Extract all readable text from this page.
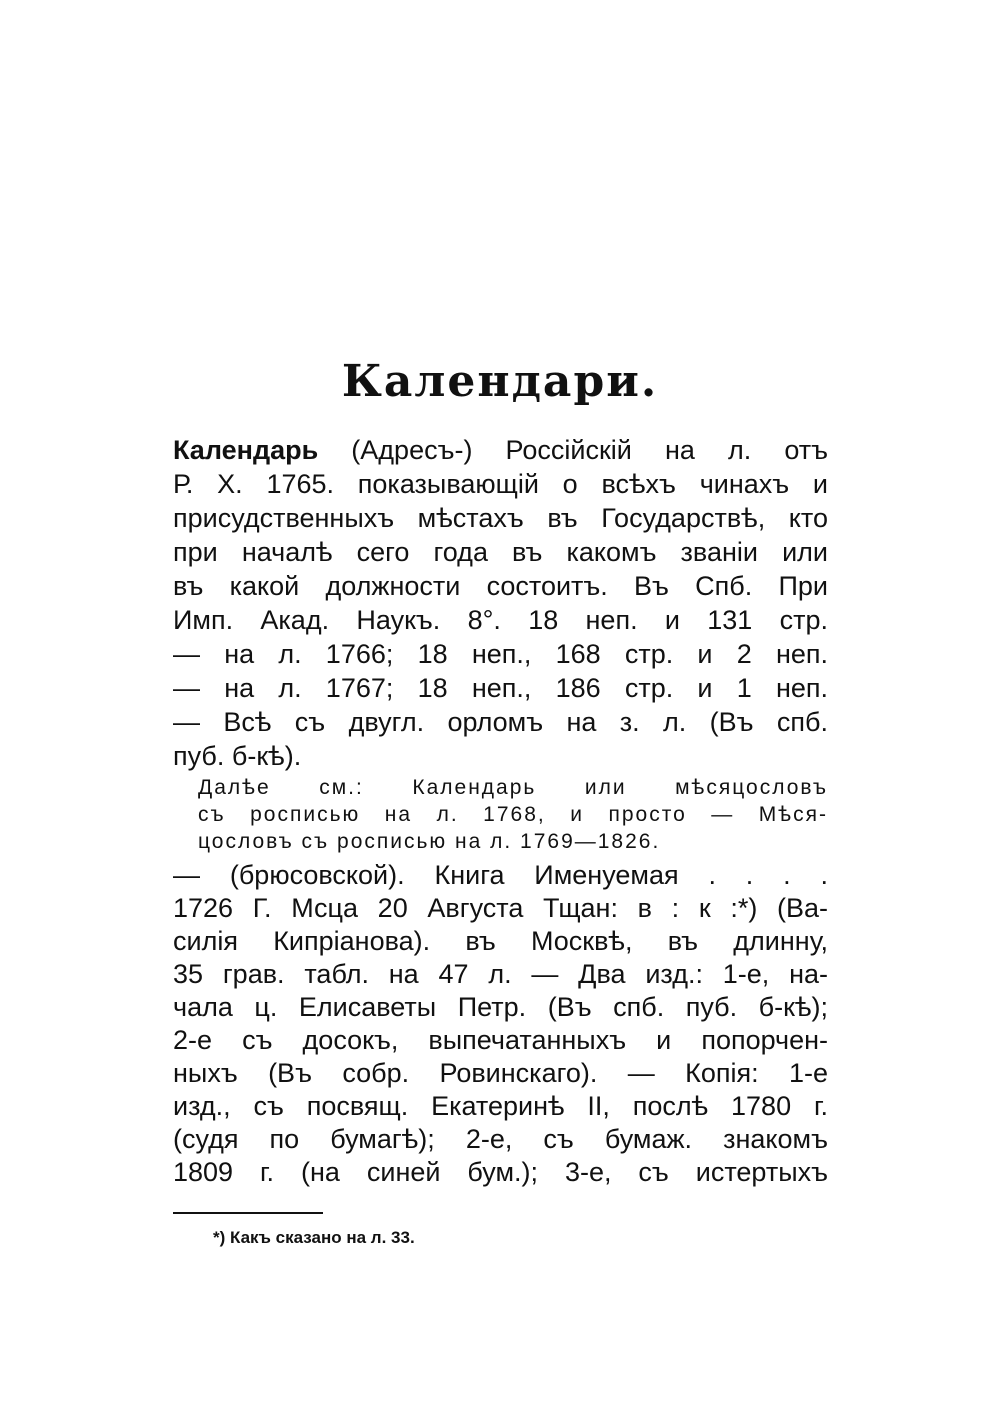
Календари.
Календарь (Адресъ-) Россійскій на л. отъ
Р. Х. 1765. показывающій о всѣхъ чинахъ и
присудственныхъ мѣстахъ въ Государствѣ, кто
при началѣ сего года въ какомъ званіи или
въ какой должности состоитъ. Въ Спб. При
Имп. Акад. Наукъ. 8°. 18 неп. и 131 стр.
— на л. 1766; 18 неп., 168 стр. и 2 неп.
— на л. 1767; 18 неп., 186 стр. и 1 неп.
— Всѣ съ двугл. орломъ на з. л. (Въ спб.
пуб. б-кѣ).
Далѣе см.: Календарь или мѣсяцословъ
съ росписью на л. 1768, и просто — Мѣся-
цословъ съ росписью на л. 1769—1826.
— (брюсовской). Книга Именуемая . . . .
1726 Г. Мсца 20 Августа Тщан: в : к :*) (Ва-
силія Кипріанова). въ Москвѣ, въ длинну,
35 грав. табл. на 47 л. — Два изд.: 1-е, на-
чала ц. Елисаветы Петр. (Въ спб. пуб. б-кѣ);
2-е съ досокъ, выпечатанныхъ и попорчен-
ныхъ (Въ собр. Ровинскаго). — Копія: 1-е
изд., съ посвящ. Екатеринѣ II, послѣ 1780 г.
(судя по бумагѣ); 2-е, съ бумаж. знакомъ
1809 г. (на синей бум.); 3-е, съ истертыхъ
*) Какъ сказано на л. 33.
